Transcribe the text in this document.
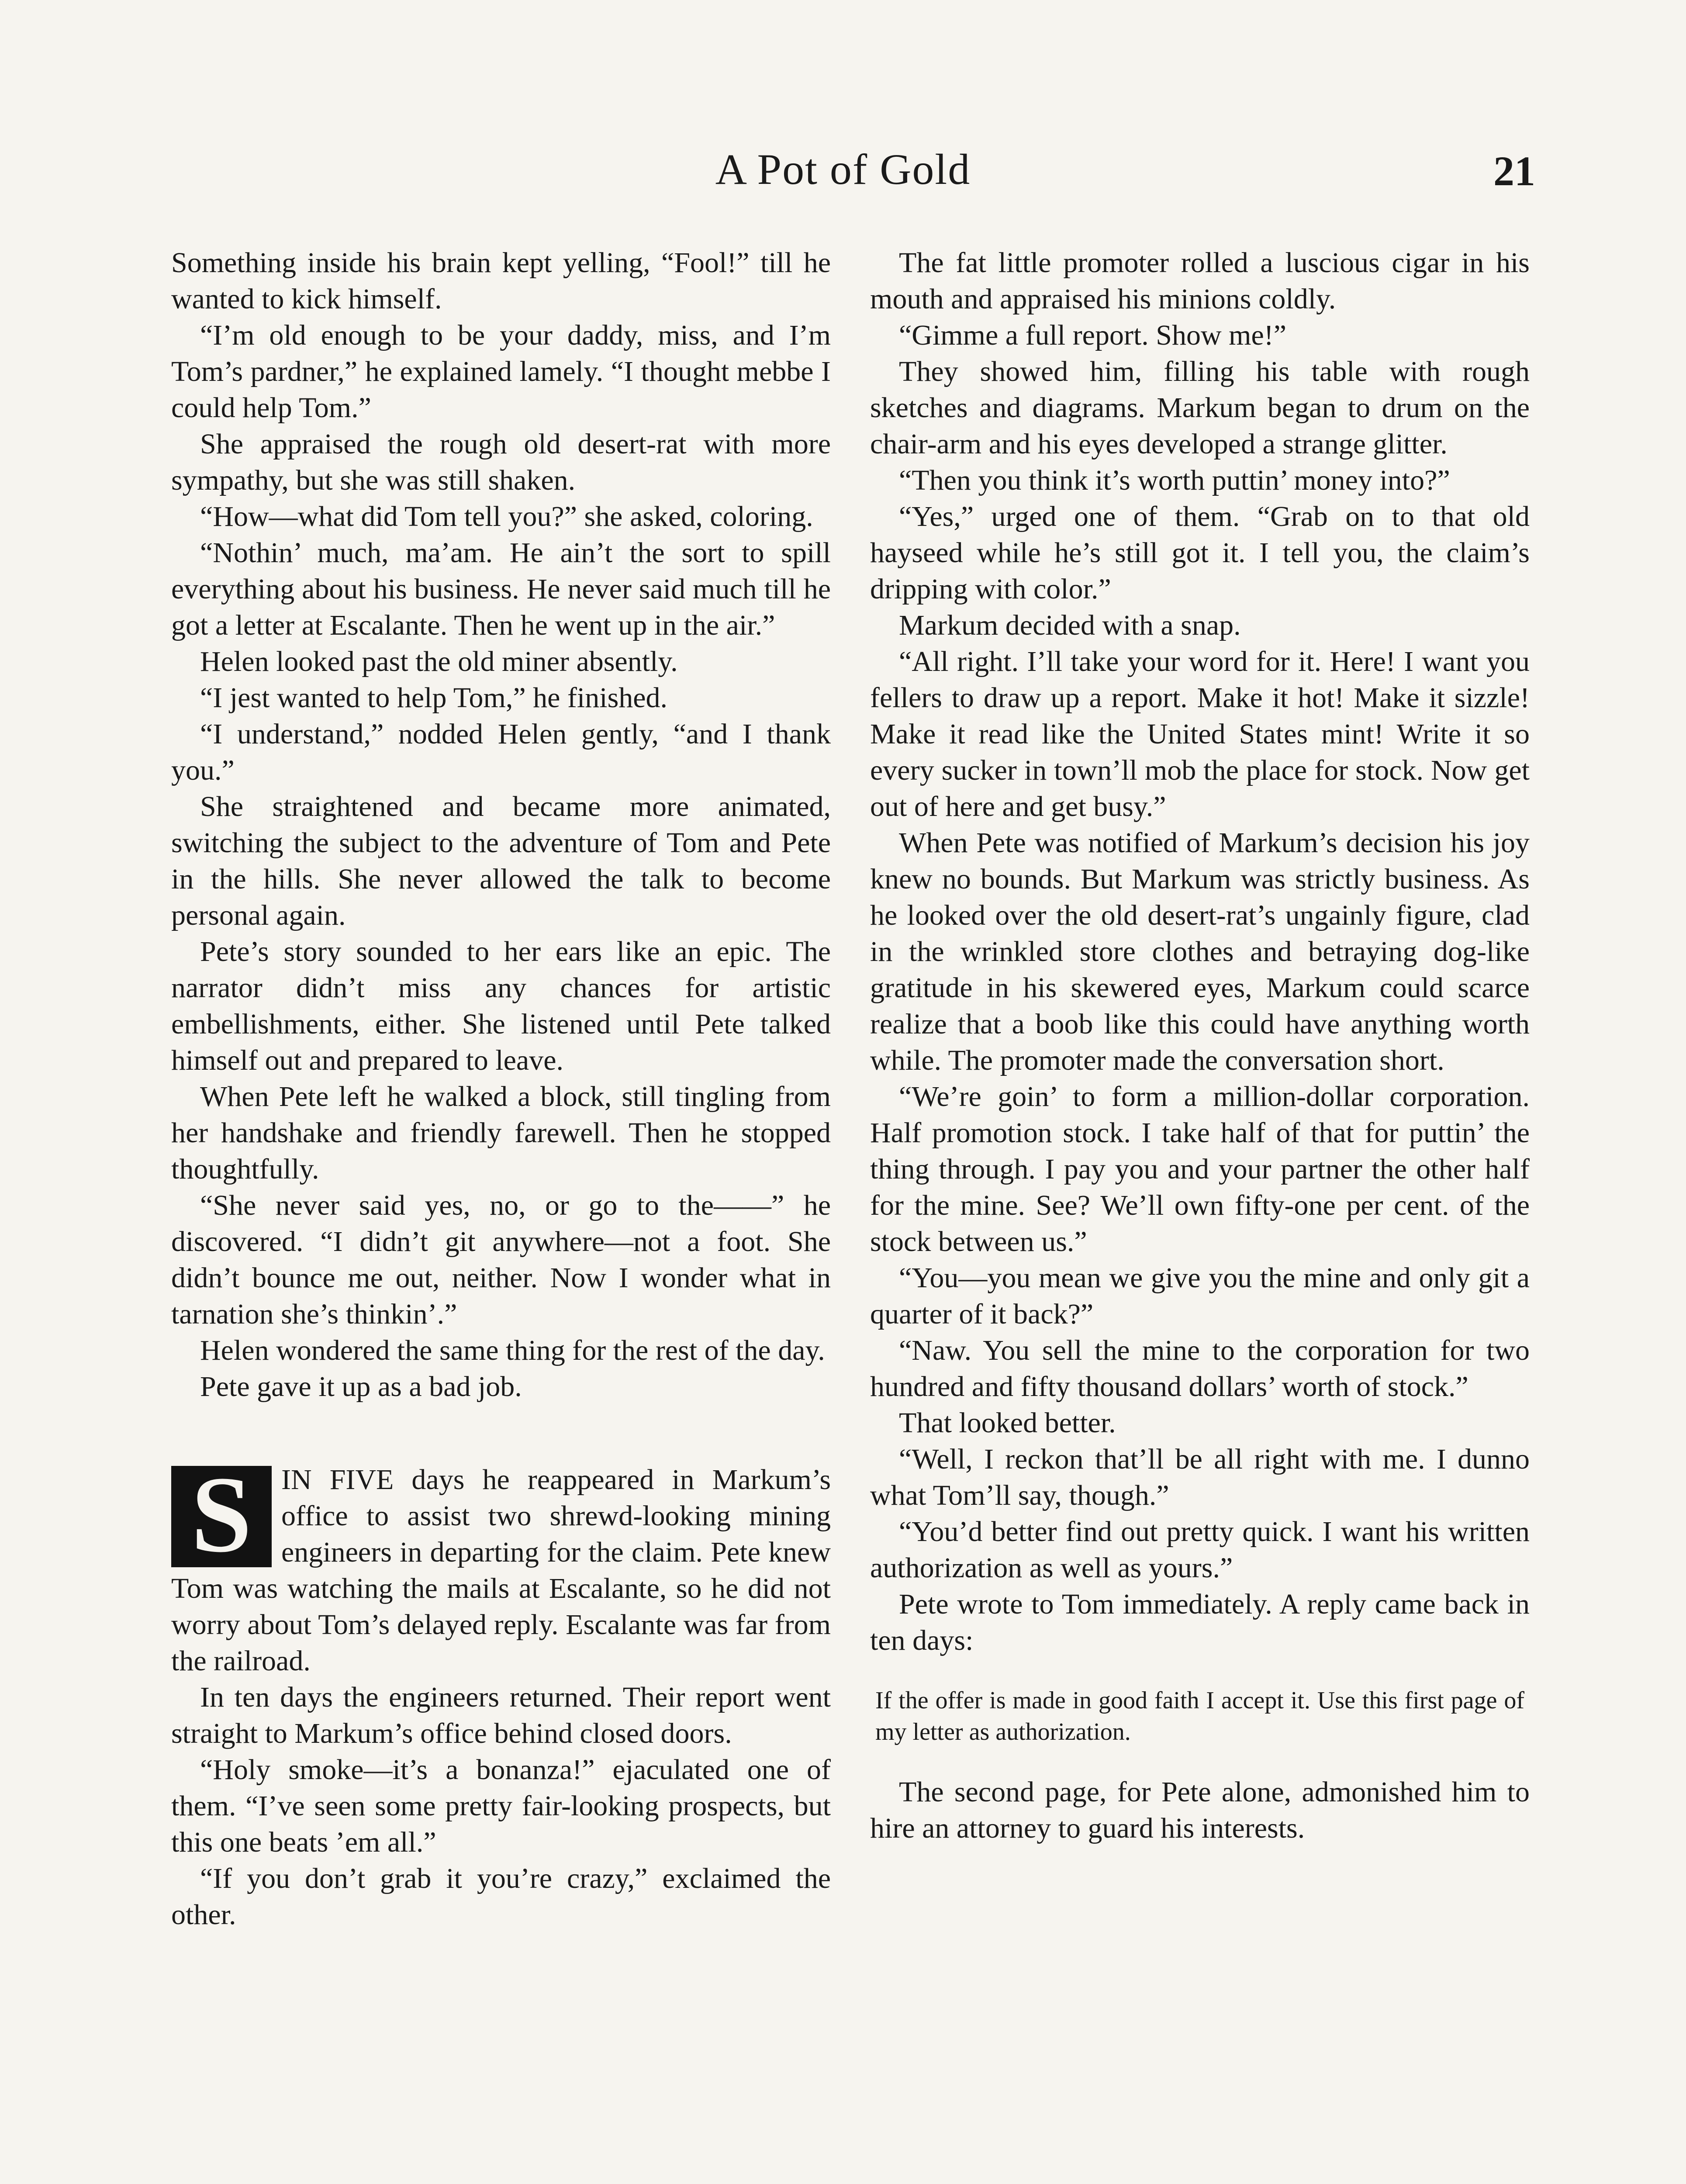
A Pot of Gold	21

Something inside his brain kept yelling, “Fool!” till he wanted to kick himself.

“I’m old enough to be your daddy, miss, and I’m Tom’s pardner,” he explained lamely. “I thought mebbe I could help Tom.”

She appraised the rough old desert-rat with more sympathy, but she was still shaken.

“How—what did Tom tell you?” she asked, coloring.

“Nothin’ much, ma’am. He ain’t the sort to spill everything about his business. He never said much till he got a letter at Escalante. Then he went up in the air.”

Helen looked past the old miner absently.

“I jest wanted to help Tom,” he finished.

“I understand,” nodded Helen gently, “and I thank you.”

She straightened and became more animated, switching the subject to the adventure of Tom and Pete in the hills. She never allowed the talk to become personal again.

Pete’s story sounded to her ears like an epic. The narrator didn’t miss any chances for artistic embellishments, either. She listened until Pete talked himself out and prepared to leave.

When Pete left he walked a block, still tingling from her handshake and friendly farewell. Then he stopped thoughtfully.

“She never said yes, no, or go to the——” he discovered. “I didn’t git anywhere—not a foot. She didn’t bounce me out, neither. Now I wonder what in tarnation she’s thinkin’.”

Helen wondered the same thing for the rest of the day.

Pete gave it up as a bad job.

S	IN FIVE days he reappeared in Markum’s office to assist two shrewd-looking mining engineers in departing for the claim. Pete knew Tom was watching the mails at Escalante, so he did not worry about Tom’s delayed reply. Escalante was far from the railroad.

In ten days the engineers returned. Their report went straight to Markum’s office behind closed doors.

“Holy smoke—it’s a bonanza!” ejaculated one of them. “I’ve seen some pretty fair-looking prospects, but this one beats ’em all.”

“If you don’t grab it you’re crazy,” exclaimed the other.

The fat little promoter rolled a luscious cigar in his mouth and appraised his minions coldly.

“Gimme a full report. Show me!”

They showed him, filling his table with rough sketches and diagrams. Markum began to drum on the chair-arm and his eyes developed a strange glitter.

“Then you think it’s worth puttin’ money into?”

“Yes,” urged one of them. “Grab on to that old hayseed while he’s still got it. I tell you, the claim’s dripping with color.”

Markum decided with a snap.

“All right. I’ll take your word for it. Here! I want you fellers to draw up a report. Make it hot! Make it sizzle! Make it read like the United States mint! Write it so every sucker in town’ll mob the place for stock. Now get out of here and get busy.”

When Pete was notified of Markum’s decision his joy knew no bounds. But Markum was strictly business. As he looked over the old desert-rat’s ungainly figure, clad in the wrinkled store clothes and betraying dog-like gratitude in his skewered eyes, Markum could scarce realize that a boob like this could have anything worth while. The promoter made the conversation short.

“We’re goin’ to form a million-dollar corporation. Half promotion stock. I take half of that for puttin’ the thing through. I pay you and your partner the other half for the mine. See? We’ll own fifty-one per cent. of the stock between us.”

“You—you mean we give you the mine and only git a quarter of it back?”

“Naw. You sell the mine to the corporation for two hundred and fifty thousand dollars’ worth of stock.”

That looked better.

“Well, I reckon that’ll be all right with me. I dunno what Tom’ll say, though.”

“You’d better find out pretty quick. I want his written authorization as well as yours.”

Pete wrote to Tom immediately. A reply came back in ten days:

If the offer is made in good faith I accept it. Use this first page of my letter as authorization.

The second page, for Pete alone, admonished him to hire an attorney to guard his interests.
